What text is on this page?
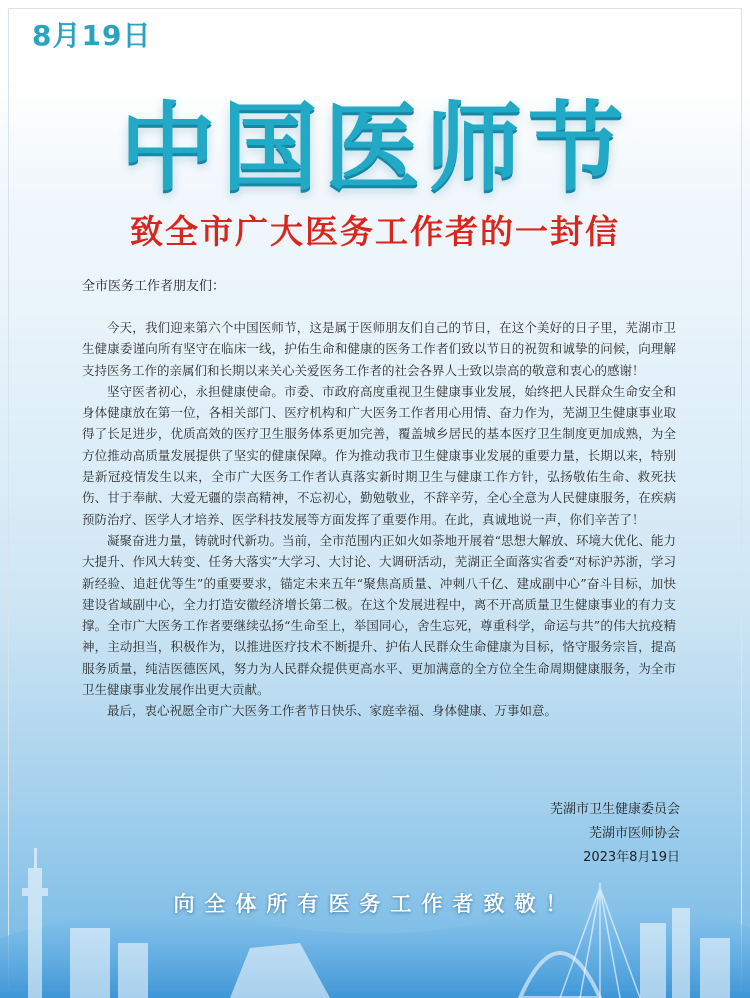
8月19日
中国医师节
致全市广大医务工作者的一封信
全市医务工作者朋友们：

今天，我们迎来第六个中国医师节，这是属于医师朋友们自己的节日，在这个美好的日子里，芜湖市卫生健康委谨向所有坚守在临床一线，护佑生命和健康的医务工作者们致以节日的祝贺和诚挚的问候，向理解支持医务工作的亲属们和长期以来关心关爱医务工作者的社会各界人士致以崇高的敬意和衷心的感谢！

坚守医者初心，永担健康使命。市委、市政府高度重视卫生健康事业发展，始终把人民群众生命安全和身体健康放在第一位，各相关部门、医疗机构和广大医务工作者用心用情、奋力作为，芜湖卫生健康事业取得了长足进步，优质高效的医疗卫生服务体系更加完善，覆盖城乡居民的基本医疗卫生制度更加成熟，为全方位推动高质量发展提供了坚实的健康保障。作为推动我市卫生健康事业发展的重要力量，长期以来，特别是新冠疫情发生以来，全市广大医务工作者认真落实新时期卫生与健康工作方针，弘扬敬佑生命、救死扶伤、甘于奉献、大爱无疆的崇高精神，不忘初心，勤勉敬业，不辞辛劳，全心全意为人民健康服务，在疾病预防治疗、医学人才培养、医学科技发展等方面发挥了重要作用。在此，真诚地说一声，你们辛苦了！

凝聚奋进力量，铸就时代新功。当前，全市范围内正如火如荼地开展着“思想大解放、环境大优化、能力大提升、作风大转变、任务大落实”大学习、大讨论、大调研活动，芜湖正全面落实省委“对标沪苏浙，学习新经验、追赶优等生”的重要要求，锚定未来五年“聚焦高质量、冲刺八千亿、建成副中心”奋斗目标，加快建设省域副中心，全力打造安徽经济增长第二极。在这个发展进程中，离不开高质量卫生健康事业的有力支撑。全市广大医务工作者要继续弘扬“生命至上，举国同心，舍生忘死，尊重科学，命运与共”的伟大抗疫精神，主动担当，积极作为，以推进医疗技术不断提升、护佑人民群众生命健康为目标，恪守服务宗旨，提高服务质量，纯洁医德医风，努力为人民群众提供更高水平、更加满意的全方位全生命周期健康服务，为全市卫生健康事业发展作出更大贡献。

最后，衷心祝愿全市广大医务工作者节日快乐、家庭幸福、身体健康、万事如意。

芜湖市卫生健康委员会
芜湖市医师协会
2023年8月19日
向全体所有医务工作者致敬！
